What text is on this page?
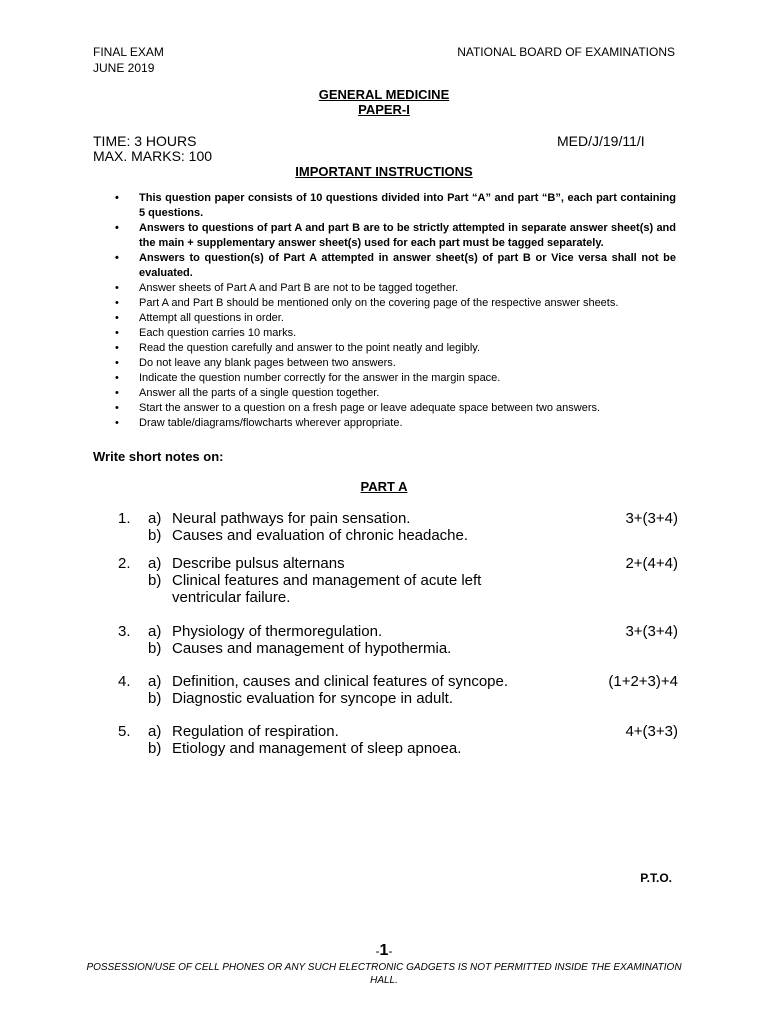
FINAL EXAM
JUNE 2019
NATIONAL BOARD OF EXAMINATIONS
GENERAL MEDICINE
PAPER-I
TIME: 3 HOURS
MAX. MARKS: 100
MED/J/19/11/I
IMPORTANT INSTRUCTIONS
• This question paper consists of 10 questions divided into Part “A” and part “B”, each part containing 5 questions.
• Answers to questions of part A and part B are to be strictly attempted in separate answer sheet(s) and the main + supplementary answer sheet(s) used for each part must be tagged separately.
• Answers to question(s) of Part A attempted in answer sheet(s) of part B or Vice versa shall not be evaluated.
• Answer sheets of Part A and Part B are not to be tagged together.
• Part A and Part B should be mentioned only on the covering page of the respective answer sheets.
• Attempt all questions in order.
• Each question carries 10 marks.
• Read the question carefully and answer to the point neatly and legibly.
• Do not leave any blank pages between two answers.
• Indicate the question number correctly for the answer in the margin space.
• Answer all the parts of a single question together.
• Start the answer to a question on a fresh page or leave adequate space between two answers.
• Draw table/diagrams/flowcharts wherever appropriate.
Write short notes on:
PART A
1.	3+(3+4)
a) Neural pathways for pain sensation.
b) Causes and evaluation of chronic headache.
2.	2+(4+4)
a) Describe pulsus alternans
b) Clinical features and management of acute left ventricular failure.
3.	3+(3+4)
a) Physiology of thermoregulation.
b) Causes and management of hypothermia.
4.	(1+2+3)+4
a) Definition, causes and clinical features of syncope.
b) Diagnostic evaluation for syncope in adult.
5.	4+(3+3)
a) Regulation of respiration.
b) Etiology and management of sleep apnoea.
P.T.O.
-1-
POSSESSION/USE OF CELL PHONES OR ANY SUCH ELECTRONIC GADGETS IS NOT PERMITTED INSIDE THE EXAMINATION
HALL.
